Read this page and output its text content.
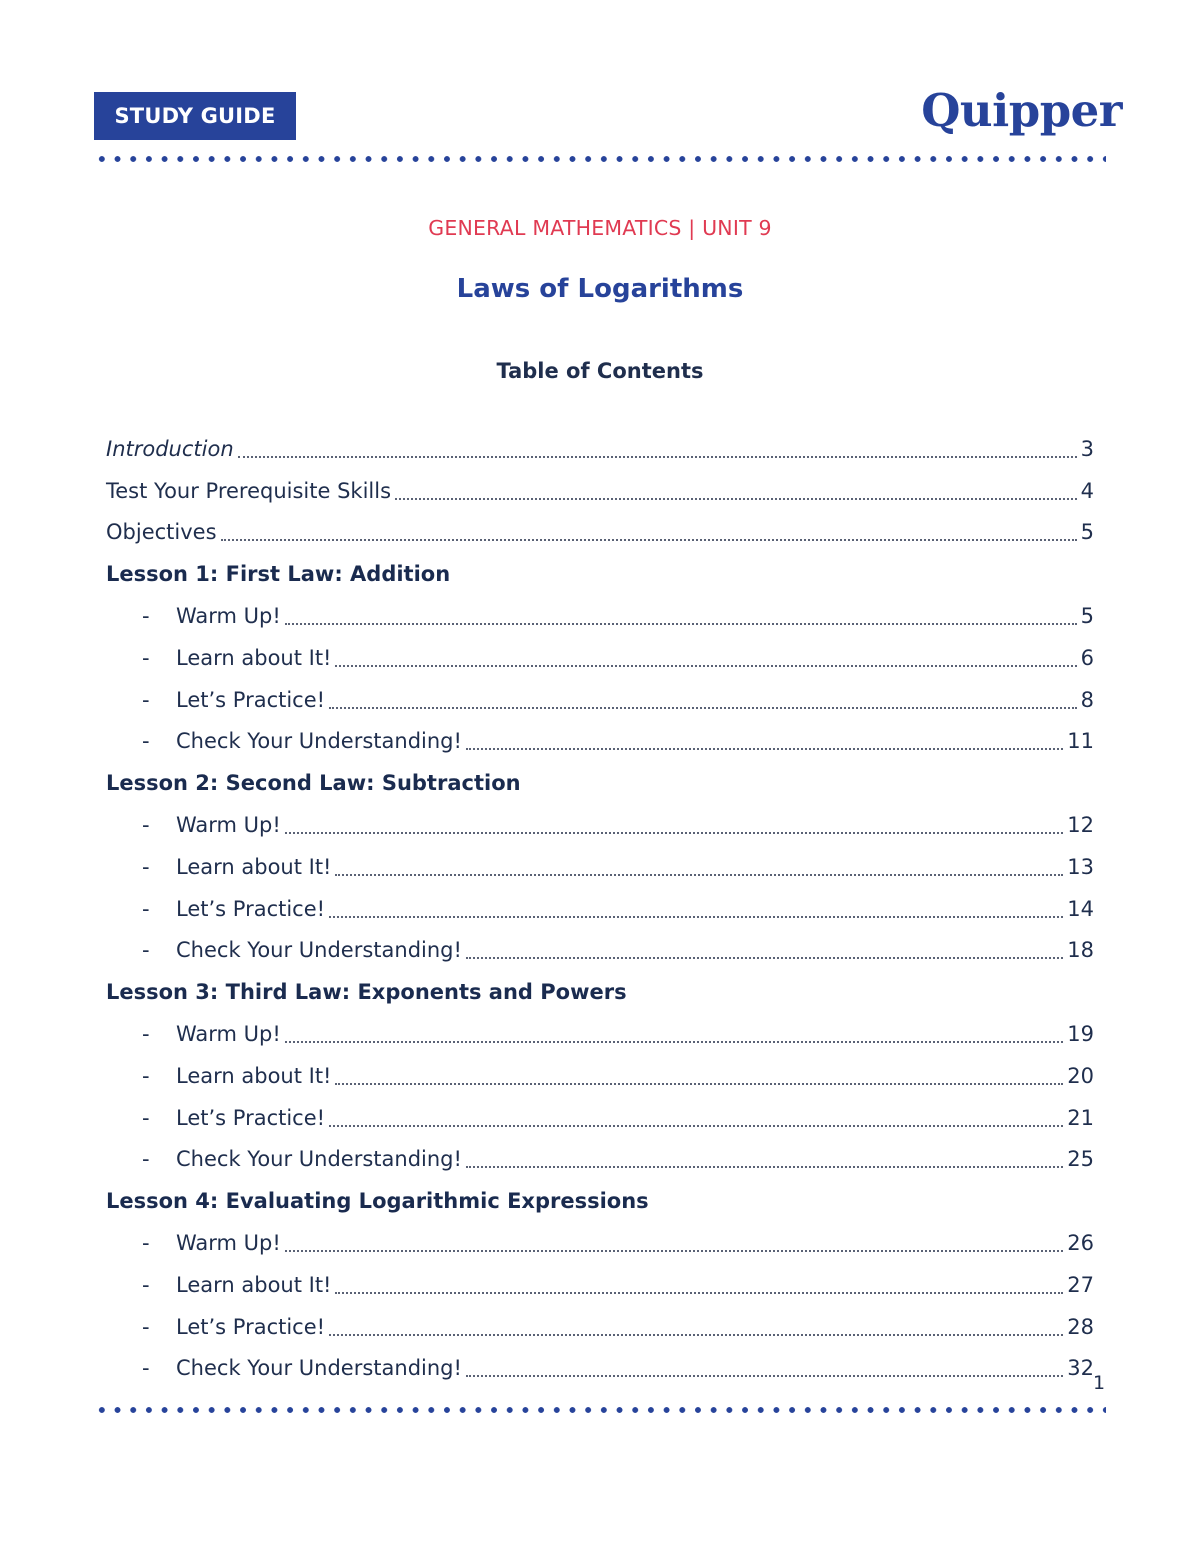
STUDY GUIDE	Quipper
GENERAL MATHEMATICS | UNIT 9
Laws of Logarithms
Table of Contents
Introduction	3
Test Your Prerequisite Skills	4
Objectives	5
Lesson 1: First Law: Addition
-	Warm Up!	5
-	Learn about It!	6
-	Let’s Practice!	8
-	Check Your Understanding!	11
Lesson 2: Second Law: Subtraction
-	Warm Up!	12
-	Learn about It!	13
-	Let’s Practice!	14
-	Check Your Understanding!	18
Lesson 3: Third Law: Exponents and Powers
-	Warm Up!	19
-	Learn about It!	20
-	Let’s Practice!	21
-	Check Your Understanding!	25
Lesson 4: Evaluating Logarithmic Expressions
-	Warm Up!	26
-	Learn about It!	27
-	Let’s Practice!	28
-	Check Your Understanding!	32
1
